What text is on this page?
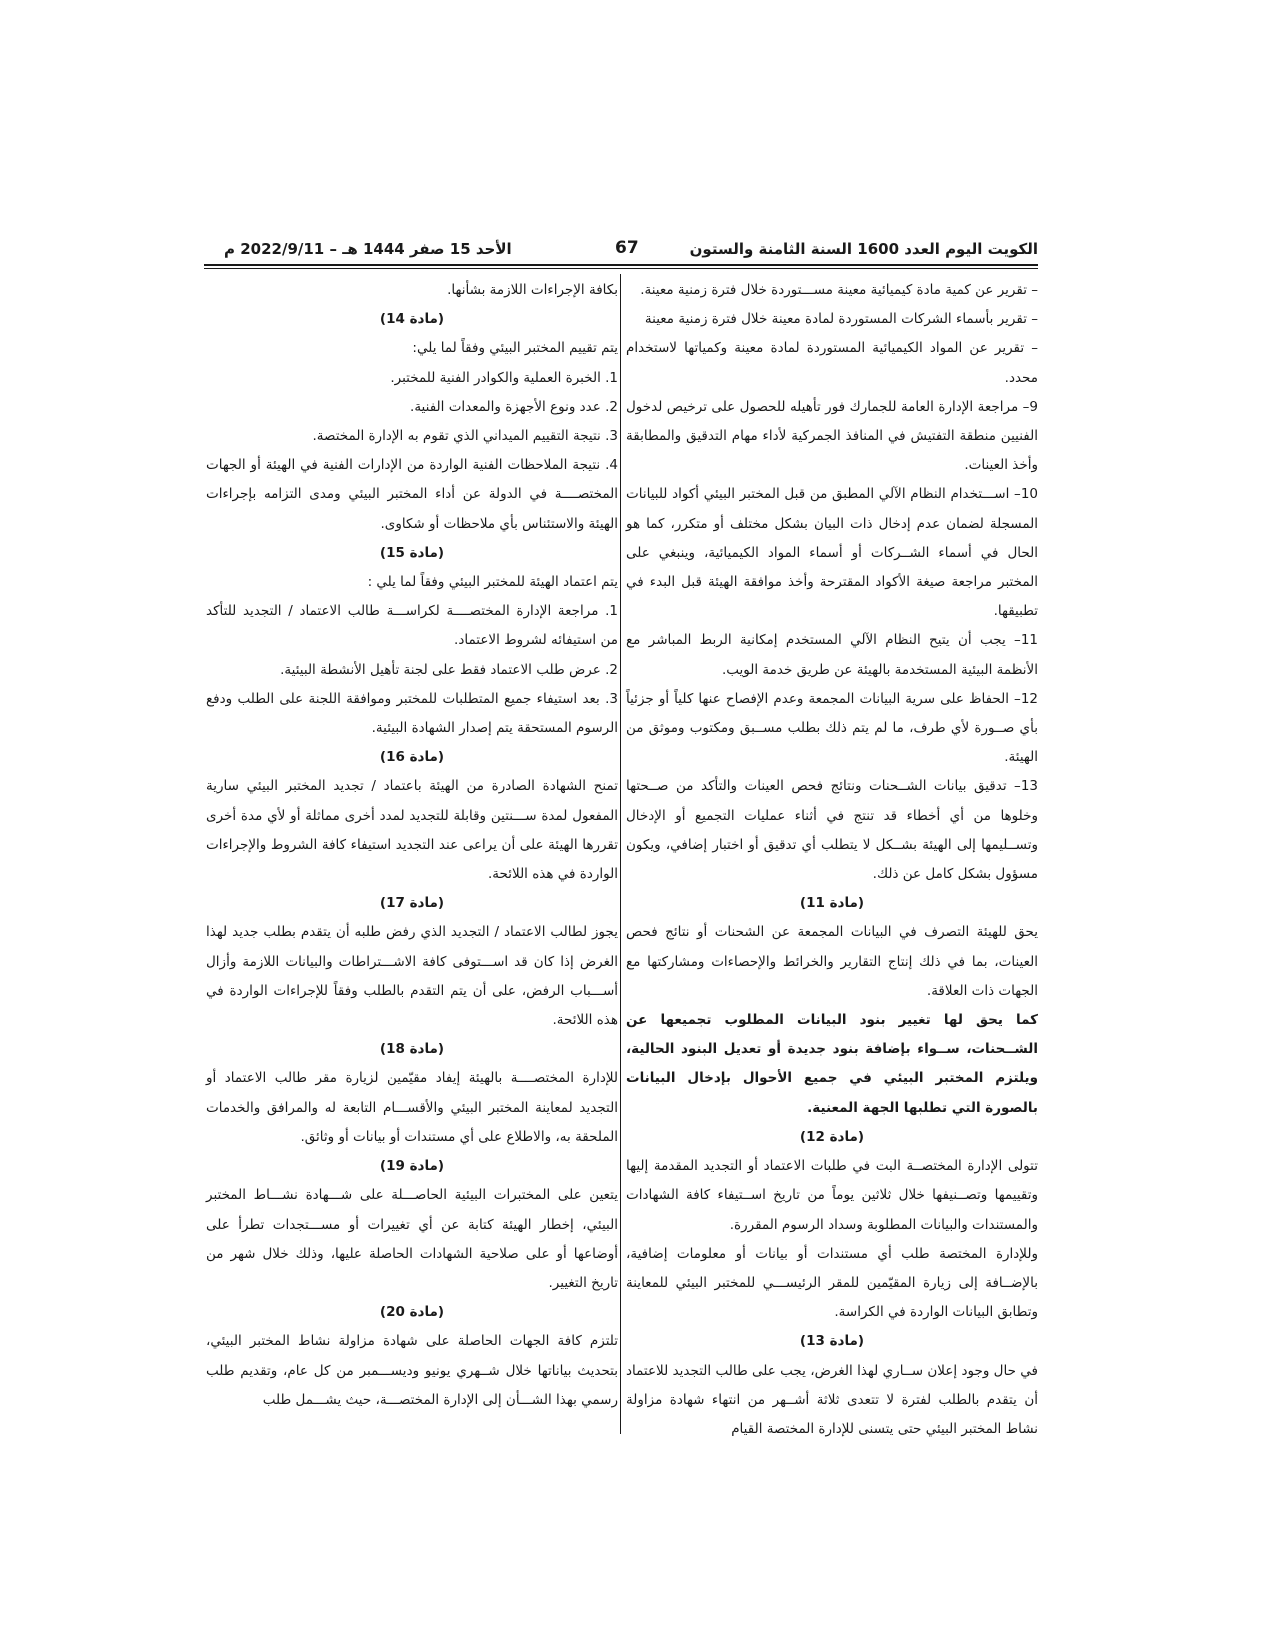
الكويت اليوم العدد 1600 السنة الثامنة والستون
67
الأحد 15 صفر 1444 هـ – 2022/9/11 م

– تقرير عن كمية مادة كيميائية معينة مســـتوردة خلال فترة زمنية معينة.

– تقرير بأسماء الشركات المستوردة لمادة معينة خلال فترة زمنية معينة

– تقرير عن المواد الكيميائية المستوردة لمادة معينة وكمياتها لاستخدام محدد.

9– مراجعة الإدارة العامة للجمارك فور تأهيله للحصول على ترخيص لدخول الفنيين منطقة التفتيش في المنافذ الجمركية لأداء مهام التدقيق والمطابقة وأخذ العينات.

10– اســـتخدام النظام الآلي المطبق من قبل المختبر البيئي أكواد للبيانات المسجلة لضمان عدم إدخال ذات البيان بشكل مختلف أو متكرر، كما هو الحال في أسماء الشــركات أو أسماء المواد الكيميائية، وينبغي على المختبر مراجعة صيغة الأكواد المقترحة وأخذ موافقة الهيئة قبل البدء في تطبيقها.

11– يجب أن يتيح النظام الآلي المستخدم إمكانية الربط المباشر مع الأنظمة البيئية المستخدمة بالهيئة عن طريق خدمة الويب.

12– الحفاظ على سرية البيانات المجمعة وعدم الإفصاح عنها كلياً أو جزئياً بأي صــورة لأي طرف، ما لم يتم ذلك بطلب مســبق ومكتوب وموثق من الهيئة.

13– تدقيق بيانات الشــحنات ونتائج فحص العينات والتأكد من صــحتها وخلوها من أي أخطاء قد تنتج في أثناء عمليات التجميع أو الإدخال وتســليمها إلى الهيئة بشــكل لا يتطلب أي تدقيق أو اختبار إضافي، ويكون مسؤول بشكل كامل عن ذلك.

(مادة 11)

يحق للهيئة التصرف في البيانات المجمعة عن الشحنات أو نتائج فحص العينات، بما في ذلك إنتاج التقارير والخرائط والإحصاءات ومشاركتها مع الجهات ذات العلاقة.

كما يحق لها تغيير بنود البيانات المطلوب تجميعها عن الشــحنات، ســواء بإضافة بنود جديدة أو تعديل البنود الحالية، ويلتزم المختبر البيئي في جميع الأحوال بإدخال البيانات بالصورة التي تطلبها الجهة المعنية.

(مادة 12)

تتولى الإدارة المختصــة البت في طلبات الاعتماد أو التجديد المقدمة إليها وتقييمها وتصــنيفها خلال ثلاثين يوماً من تاريخ اســتيفاء كافة الشهادات والمستندات والبيانات المطلوبة وسداد الرسوم المقررة.

وللإدارة المختصة طلب أي مستندات أو بيانات أو معلومات إضافية، بالإضــافة إلى زيارة المقيّمين للمقر الرئيســـي للمختبر البيئي للمعاينة وتطابق البيانات الواردة في الكراسة.

(مادة 13)

في حال وجود إعلان ســاري لهذا الغرض، يجب على طالب التجديد للاعتماد أن يتقدم بالطلب لفترة لا تتعدى ثلاثة أشــهر من انتهاء شهادة مزاولة نشاط المختبر البيئي حتى يتسنى للإدارة المختصة القيام

بكافة الإجراءات اللازمة بشأنها.

(مادة 14)

يتم تقييم المختبر البيئي وفقاً لما يلي:

1. الخبرة العملية والكوادر الفنية للمختبر.

2. عدد ونوع الأجهزة والمعدات الفنية.

3. نتيجة التقييم الميداني الذي تقوم به الإدارة المختصة.

4. نتيجة الملاحظات الفنية الواردة من الإدارات الفنية في الهيئة أو الجهات المختصــــة في الدولة عن أداء المختبر البيئي ومدى التزامه بإجراءات الهيئة والاستئناس بأي ملاحظات أو شكاوى.

(مادة 15)

يتم اعتماد الهيئة للمختبر البيئي وفقاً لما يلي :

1. مراجعة الإدارة المختصــــة لكراســـة طالب الاعتماد / التجديد للتأكد من استيفائه لشروط الاعتماد.

2. عرض طلب الاعتماد فقط على لجنة تأهيل الأنشطة البيئية.

3. بعد استيفاء جميع المتطلبات للمختبر وموافقة اللجنة على الطلب ودفع الرسوم المستحقة يتم إصدار الشهادة البيئية.

(مادة 16)

تمنح الشهادة الصادرة من الهيئة باعتماد / تجديد المختبر البيئي سارية المفعول لمدة ســـنتين وقابلة للتجديد لمدد أخرى مماثلة أو لأي مدة أخرى تقررها الهيئة على أن يراعى عند التجديد استيفاء كافة الشروط والإجراءات الواردة في هذه اللائحة.

(مادة 17)

يجوز لطالب الاعتماد / التجديد الذي رفض طلبه أن يتقدم بطلب جديد لهذا الغرض إذا كان قد اســـتوفى كافة الاشـــتراطات والبيانات اللازمة وأزال أســـباب الرفض، على أن يتم التقدم بالطلب وفقاً للإجراءات الواردة في هذه اللائحة.

(مادة 18)

للإدارة المختصــــة بالهيئة إيفاد مقيّمين لزيارة مقر طالب الاعتماد أو التجديد لمعاينة المختبر البيئي والأقســـام التابعة له والمرافق والخدمات الملحقة به، والاطلاع على أي مستندات أو بيانات أو وثائق.

(مادة 19)

يتعين على المختبرات البيئية الحاصـــلة على شـــهادة نشـــاط المختبر البيئي، إخطار الهيئة كتابة عن أي تغييرات أو مســـتجدات تطرأ على أوضاعها أو على صلاحية الشهادات الحاصلة عليها، وذلك خلال شهر من تاريخ التغيير.

(مادة 20)

تلتزم كافة الجهات الحاصلة على شهادة مزاولة نشاط المختبر البيئي، بتحديث بياناتها خلال شــهري يونيو وديســـمبر من كل عام، وتقديم طلب رسمي بهذا الشـــأن إلى الإدارة المختصـــة، حيث يشـــمل طلب
